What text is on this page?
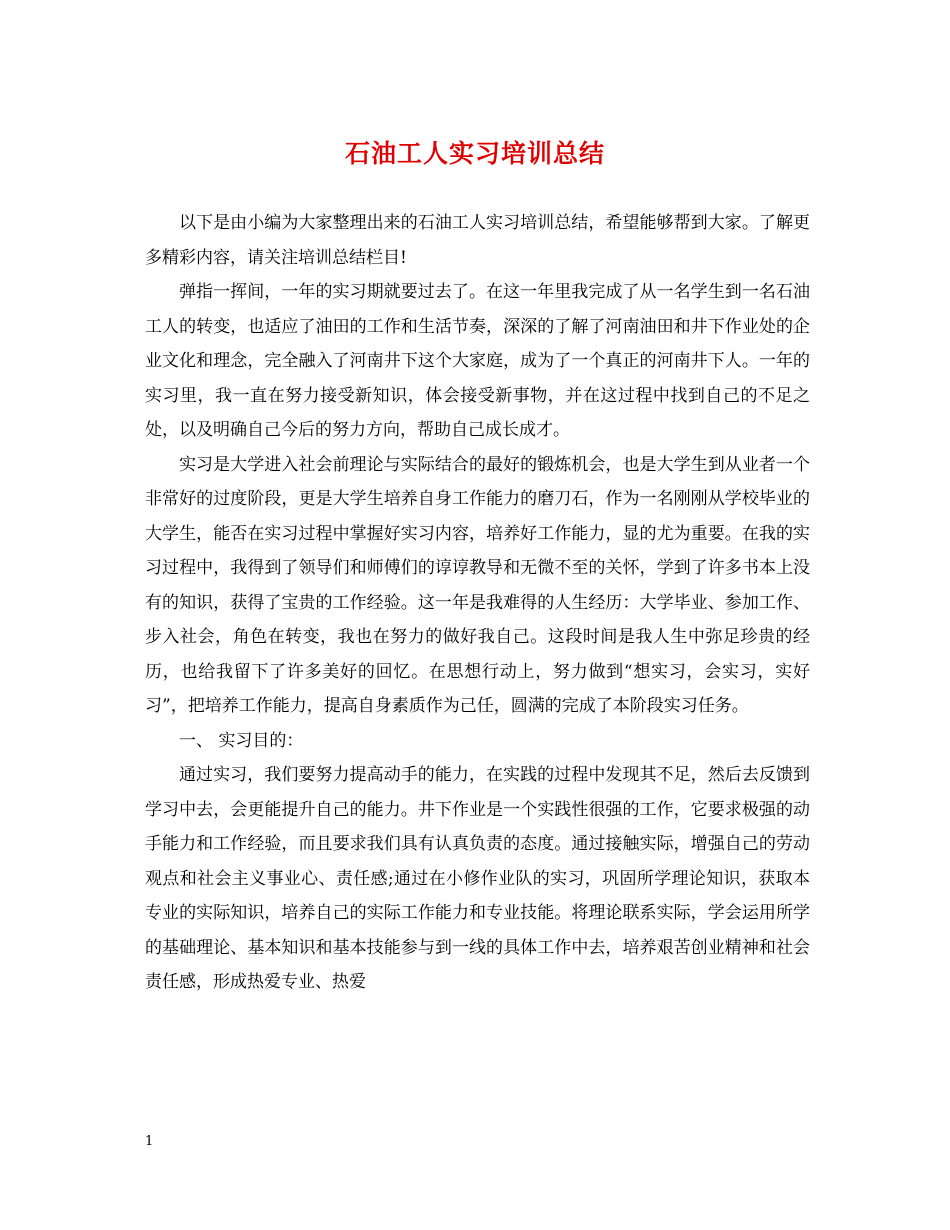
石油工人实习培训总结

以下是由小编为大家整理出来的石油工人实习培训总结，希望能够帮到大家。了解更多精彩内容，请关注培训总结栏目!

弹指一挥间，一年的实习期就要过去了。在这一年里我完成了从一名学生到一名石油工人的转变，也适应了油田的工作和生活节奏，深深的了解了河南油田和井下作业处的企业文化和理念，完全融入了河南井下这个大家庭，成为了一个真正的河南井下人。一年的实习里，我一直在努力接受新知识，体会接受新事物，并在这过程中找到自己的不足之处，以及明确自己今后的努力方向，帮助自己成长成才。

实习是大学进入社会前理论与实际结合的最好的锻炼机会，也是大学生到从业者一个非常好的过度阶段，更是大学生培养自身工作能力的磨刀石，作为一名刚刚从学校毕业的大学生，能否在实习过程中掌握好实习内容，培养好工作能力，显的尤为重要。在我的实习过程中，我得到了领导们和师傅们的谆谆教导和无微不至的关怀，学到了许多书本上没有的知识，获得了宝贵的工作经验。这一年是我难得的人生经历：大学毕业、参加工作、步入社会，角色在转变，我也在努力的做好我自己。这段时间是我人生中弥足珍贵的经历，也给我留下了许多美好的回忆。在思想行动上，努力做到“想实习，会实习，实好习”，把培养工作能力，提高自身素质作为己任，圆满的完成了本阶段实习任务。

一、 实习目的：

通过实习，我们要努力提高动手的能力，在实践的过程中发现其不足，然后去反馈到学习中去，会更能提升自己的能力。井下作业是一个实践性很强的工作，它要求极强的动手能力和工作经验，而且要求我们具有认真负责的态度。通过接触实际，增强自己的劳动观点和社会主义事业心、责任感;通过在小修作业队的实习，巩固所学理论知识，获取本专业的实际知识，培养自己的实际工作能力和专业技能。将理论联系实际，学会运用所学的基础理论、基本知识和基本技能参与到一线的具体工作中去，培养艰苦创业精神和社会责任感，形成热爱专业、热爱

1
